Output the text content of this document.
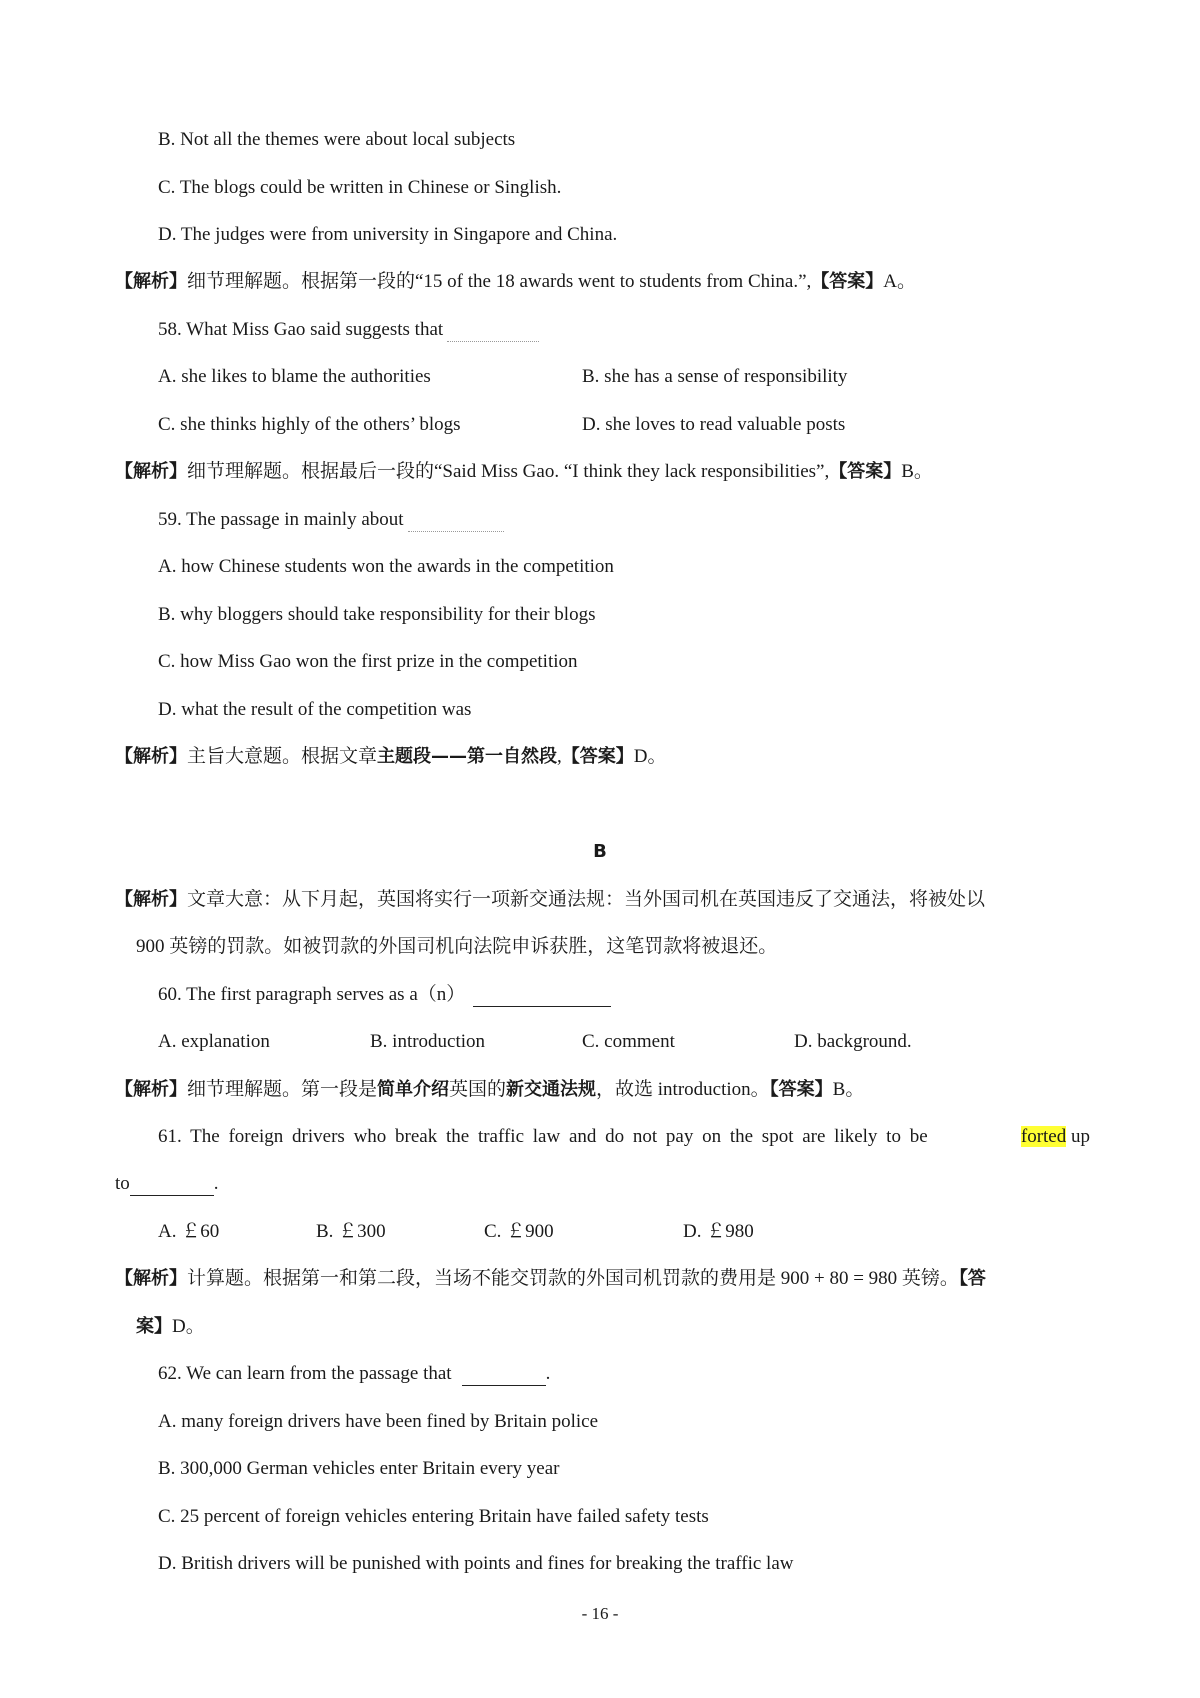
B. Not all the themes were about local subjects
C. The blogs could be written in Chinese or Singlish.
D. The judges were from university in Singapore and China.
【解析】细节理解题。根据第一段的“15 of the 18 awards went to students from China.”,【答案】A。
58. What Miss Gao said suggests that
A. she likes to blame the authorities	B. she has a sense of responsibility
C. she thinks highly of the others’ blogs	D. she loves to read valuable posts
【解析】细节理解题。根据最后一段的“Said Miss Gao. “I think they lack responsibilities”,【答案】B。
59. The passage in mainly about
A. how Chinese students won the awards in the competition
B. why bloggers should take responsibility for their blogs
C. how Miss Gao won the first prize in the competition
D. what the result of the competition was
【解析】主旨大意题。根据文章主题段——第一自然段,【答案】D。
B
【解析】文章大意：从下月起，英国将实行一项新交通法规：当外国司机在英国违反了交通法，将被处以
900 英镑的罚款。如被罚款的外国司机向法院申诉获胜，这笔罚款将被退还。
60. The first paragraph serves as a（n）
A. explanation	B. introduction	C. comment	D. background.
【解析】细节理解题。第一段是简单介绍英国的新交通法规，故选 introduction。【答案】B。
61. The foreign drivers who break the traffic law and do not pay on the spot are likely to be	forted up
to	.
A. ￡60	B. ￡300	C. ￡900	D. ￡980
【解析】计算题。根据第一和第二段，当场不能交罚款的外国司机罚款的费用是 900 + 80 = 980 英镑。【答
案】D。
62. We can learn from the passage that	.
A. many foreign drivers have been fined by Britain police
B. 300,000 German vehicles enter Britain every year
C. 25 percent of foreign vehicles entering Britain have failed safety tests
D. British drivers will be punished with points and fines for breaking the traffic law
- 16 -
